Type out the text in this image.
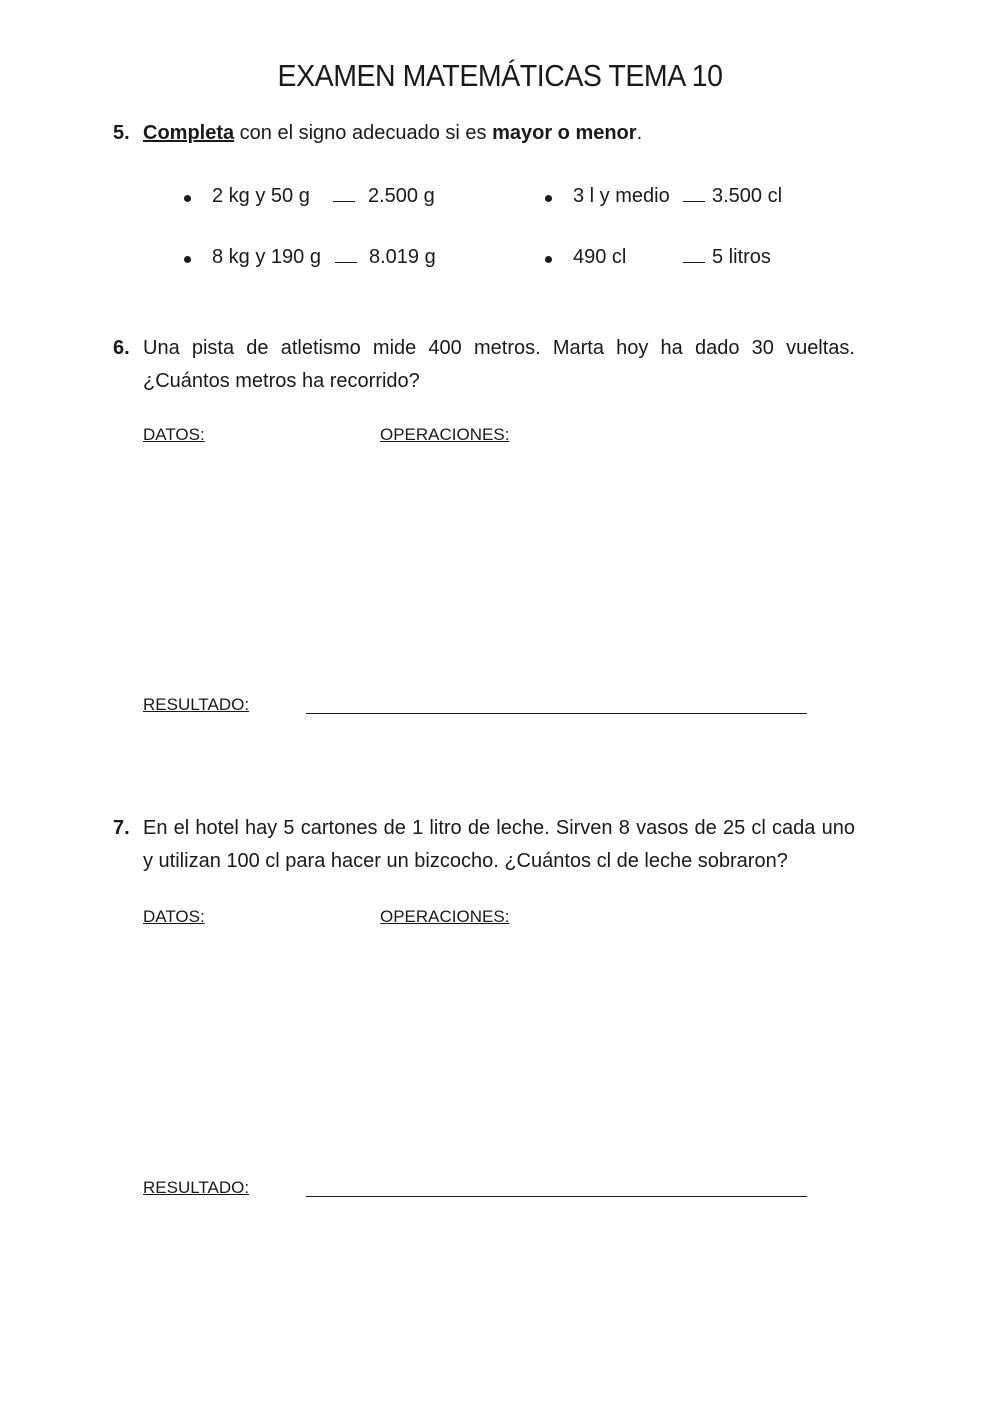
EXAMEN MATEMÁTICAS TEMA 10
5. Completa con el signo adecuado si es mayor o menor.
2 kg y 50 g	2.500 g	3 l y medio 3.500 cl
8 kg y 190 g 8.019 g	490 cl	5 litros
6. Una pista de atletismo mide 400 metros. Marta hoy ha dado 30 vueltas. ¿Cuántos metros ha recorrido?
DATOS:	OPERACIONES:
RESULTADO:
7. En el hotel hay 5 cartones de 1 litro de leche. Sirven 8 vasos de 25 cl cada uno y utilizan 100 cl para hacer un bizcocho. ¿Cuántos cl de leche sobraron?
DATOS:	OPERACIONES:
RESULTADO:
